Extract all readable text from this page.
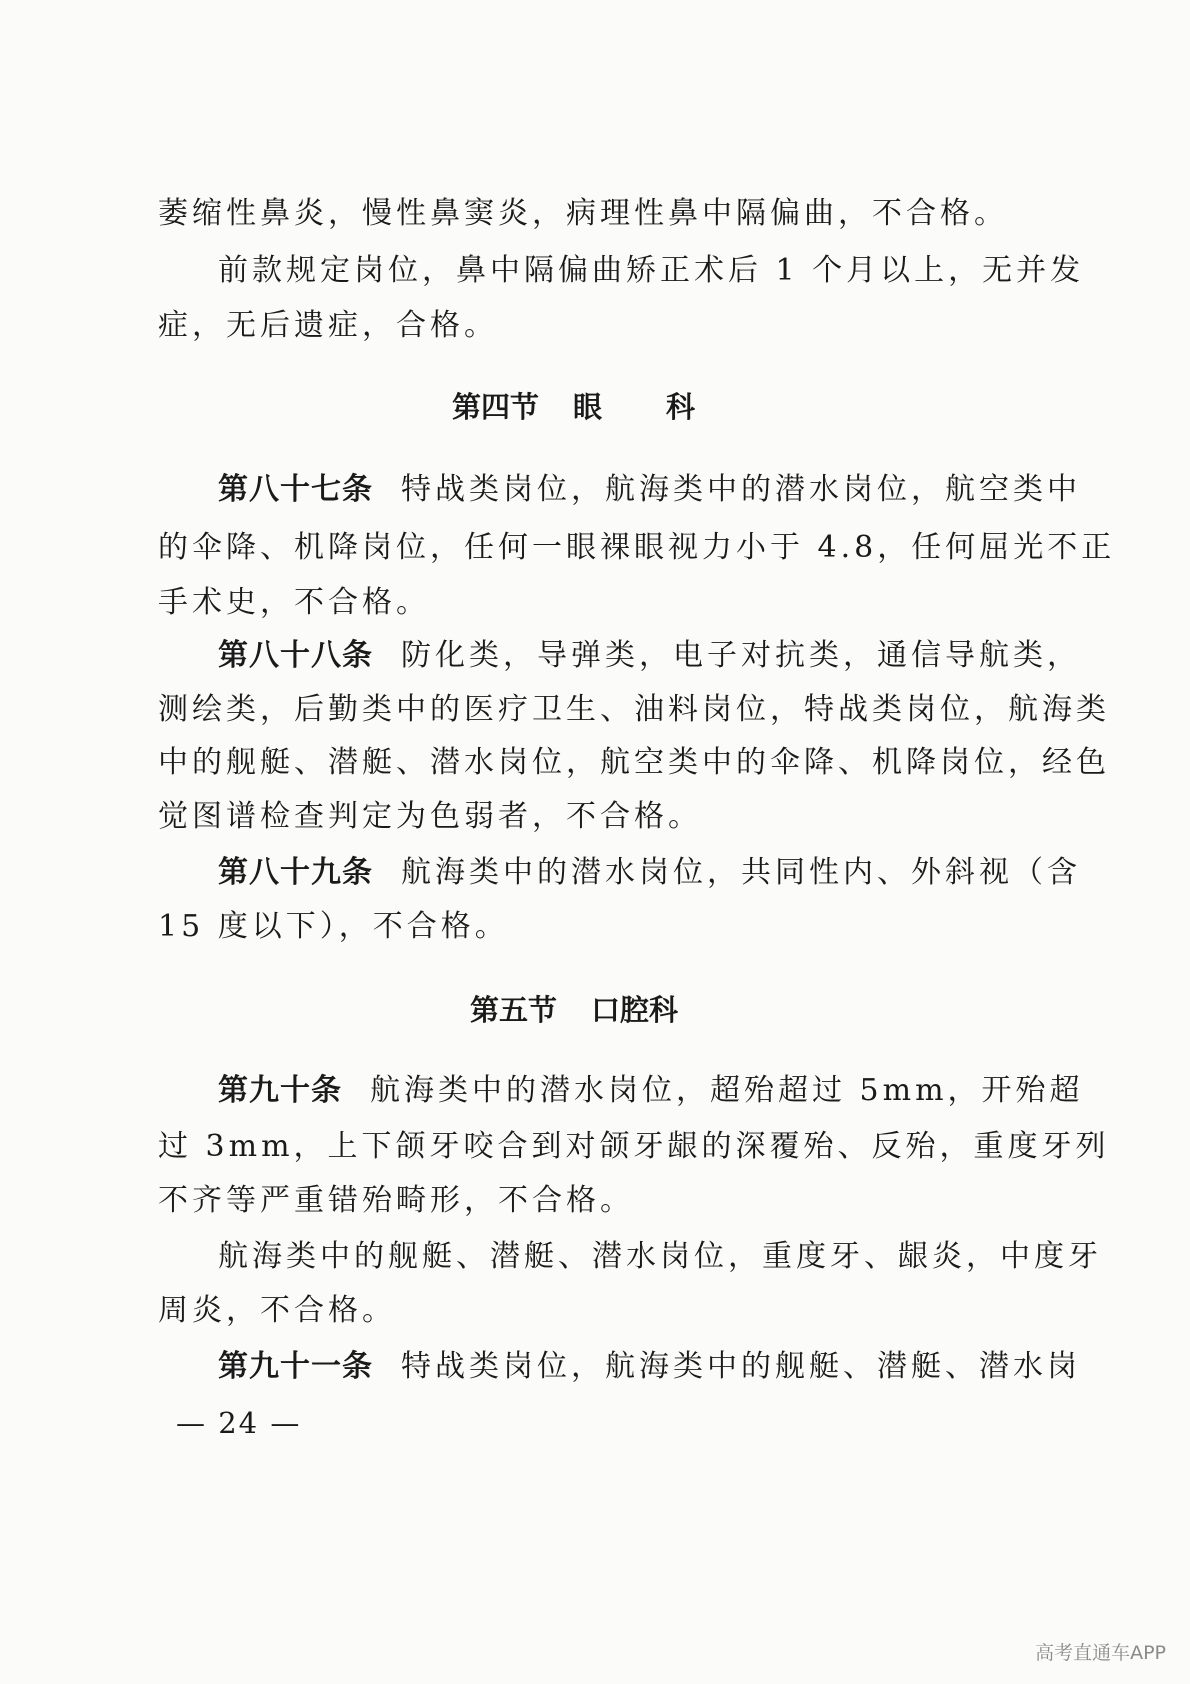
萎缩性鼻炎，慢性鼻窦炎，病理性鼻中隔偏曲，不合格。
前款规定岗位，鼻中隔偏曲矫正术后 1 个月以上，无并发
症，无后遗症，合格。
第四节 眼 科
第八十七条 特战类岗位，航海类中的潜水岗位，航空类中
的伞降、机降岗位，任何一眼裸眼视力小于 4.8，任何屈光不正
手术史，不合格。
第八十八条 防化类，导弹类，电子对抗类，通信导航类，
测绘类，后勤类中的医疗卫生、油料岗位，特战类岗位，航海类
中的舰艇、潜艇、潜水岗位，航空类中的伞降、机降岗位，经色
觉图谱检查判定为色弱者，不合格。
第八十九条 航海类中的潜水岗位，共同性内、外斜视（含
15 度以下），不合格。
第五节 口腔科
第九十条 航海类中的潜水岗位，超殆超过 5mm，开殆超
过 3mm，上下颌牙咬合到对颌牙龈的深覆殆、反殆，重度牙列
不齐等严重错殆畸形，不合格。
航海类中的舰艇、潜艇、潜水岗位，重度牙、龈炎，中度牙
周炎，不合格。
第九十一条 特战类岗位，航海类中的舰艇、潜艇、潜水岗
— 24 —
高考直通车APP
